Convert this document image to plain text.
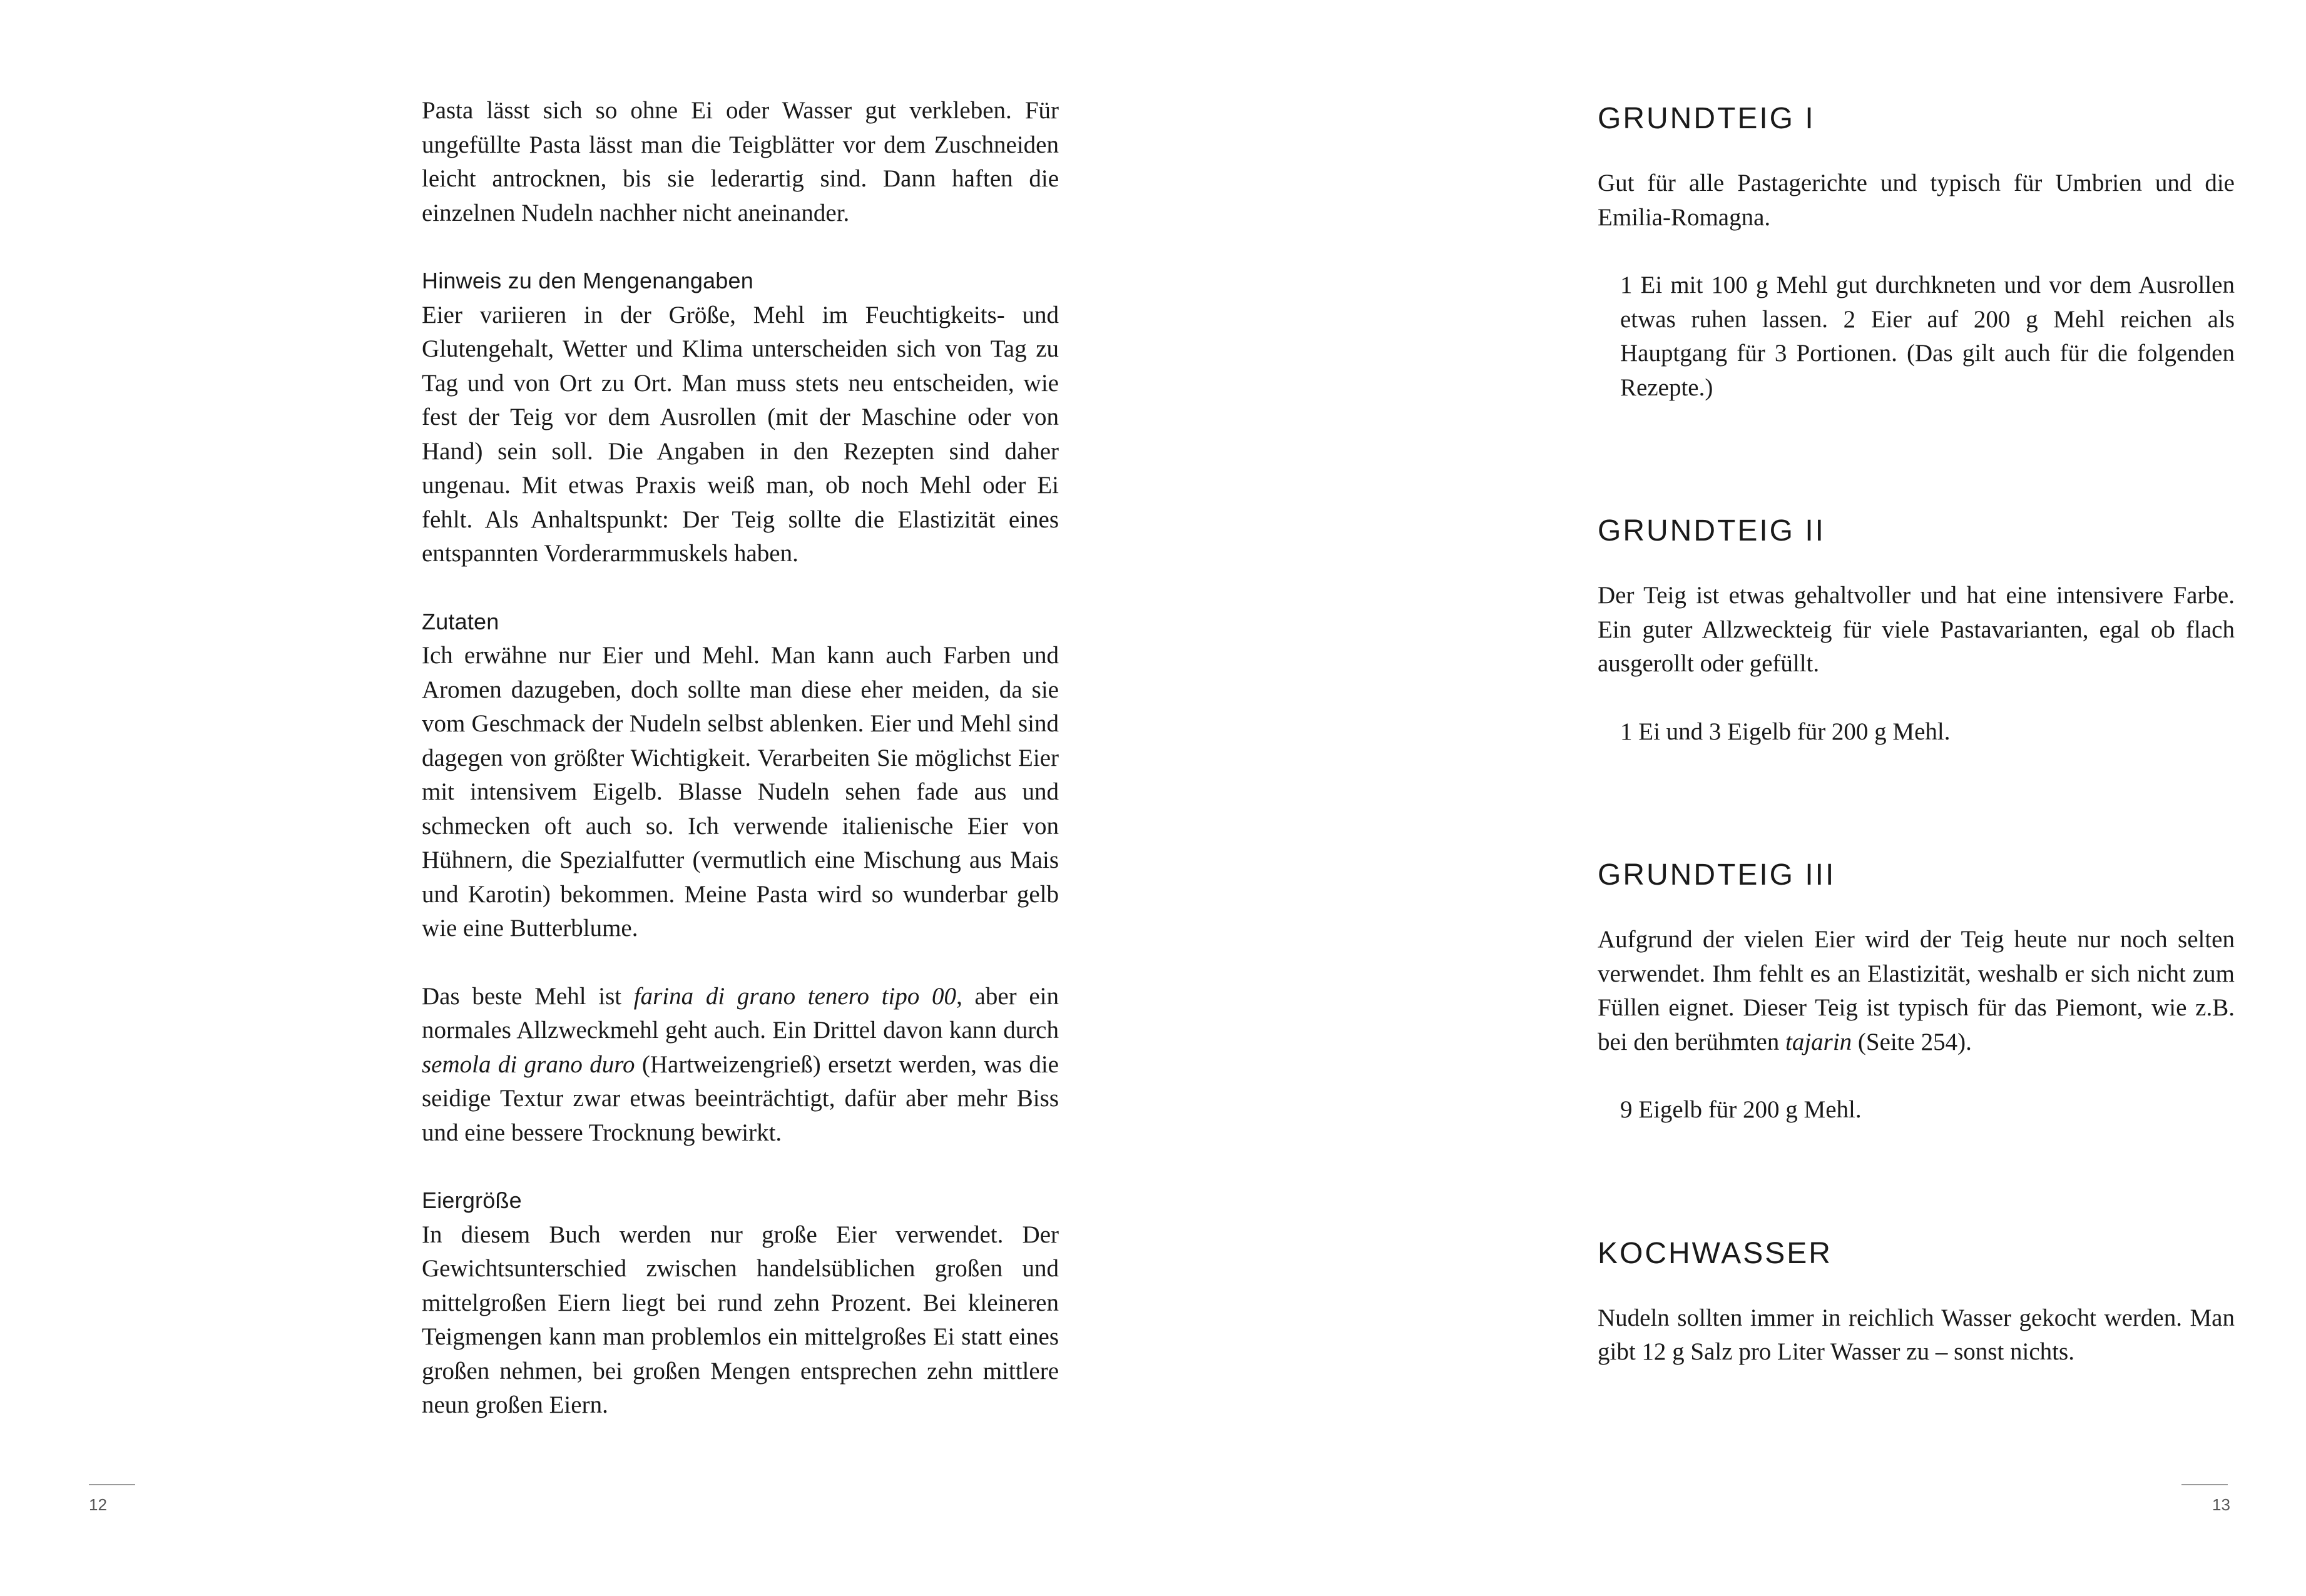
Pasta lässt sich so ohne Ei oder Wasser gut verkleben. Für ungefüllte Pasta lässt man die Teigblätter vor dem Zuschneiden leicht antrocknen, bis sie lederartig sind. Dann haften die einzelnen Nudeln nachher nicht aneinander.

Hinweis zu den Mengenangaben

Eier variieren in der Größe, Mehl im Feuchtigkeits- und Glutengehalt, Wetter und Klima unterscheiden sich von Tag zu Tag und von Ort zu Ort. Man muss stets neu entscheiden, wie fest der Teig vor dem Ausrollen (mit der Maschine oder von Hand) sein soll. Die Angaben in den Rezepten sind daher ungenau. Mit etwas Praxis weiß man, ob noch Mehl oder Ei fehlt. Als Anhaltspunkt: Der Teig sollte die Elastizität eines entspannten Vorderarmmuskels haben.

Zutaten

Ich erwähne nur Eier und Mehl. Man kann auch Farben und Aromen dazugeben, doch sollte man diese eher meiden, da sie vom Geschmack der Nudeln selbst ablenken. Eier und Mehl sind dagegen von größter Wichtigkeit. Verarbeiten Sie möglichst Eier mit intensivem Eigelb. Blasse Nudeln sehen fade aus und schmecken oft auch so. Ich verwende italienische Eier von Hühnern, die Spezialfutter (vermutlich eine Mischung aus Mais und Karotin) bekommen. Meine Pasta wird so wunderbar gelb wie eine Butterblume.

Das beste Mehl ist farina di grano tenero tipo 00, aber ein normales Allzweckmehl geht auch. Ein Drittel davon kann durch semola di grano duro (Hartweizengrieß) ersetzt werden, was die seidige Textur zwar etwas beeinträchtigt, dafür aber mehr Biss und eine bessere Trocknung bewirkt.

Eiergröße

In diesem Buch werden nur große Eier verwendet. Der Gewichtsunterschied zwischen handelsüblichen großen und mittelgroßen Eiern liegt bei rund zehn Prozent. Bei kleineren Teigmengen kann man problemlos ein mittelgroßes Ei statt eines großen nehmen, bei großen Mengen entsprechen zehn mittlere neun großen Eiern.

12
GRUNDTEIG I

Gut für alle Pastagerichte und typisch für Umbrien und die Emilia-Romagna.

1 Ei mit 100 g Mehl gut durchkneten und vor dem Ausrollen etwas ruhen lassen. 2 Eier auf 200 g Mehl reichen als Hauptgang für 3 Portionen. (Das gilt auch für die folgenden Rezepte.)

GRUNDTEIG II

Der Teig ist etwas gehaltvoller und hat eine intensivere Farbe. Ein guter Allzweckteig für viele Pastavarianten, egal ob flach ausgerollt oder gefüllt.

1 Ei und 3 Eigelb für 200 g Mehl.

GRUNDTEIG III

Aufgrund der vielen Eier wird der Teig heute nur noch selten verwendet. Ihm fehlt es an Elastizität, weshalb er sich nicht zum Füllen eignet. Dieser Teig ist typisch für das Piemont, wie z.B. bei den berühmten tajarin (Seite 254).

9 Eigelb für 200 g Mehl.

KOCHWASSER

Nudeln sollten immer in reichlich Wasser gekocht werden. Man gibt 12 g Salz pro Liter Wasser zu – sonst nichts.

13
